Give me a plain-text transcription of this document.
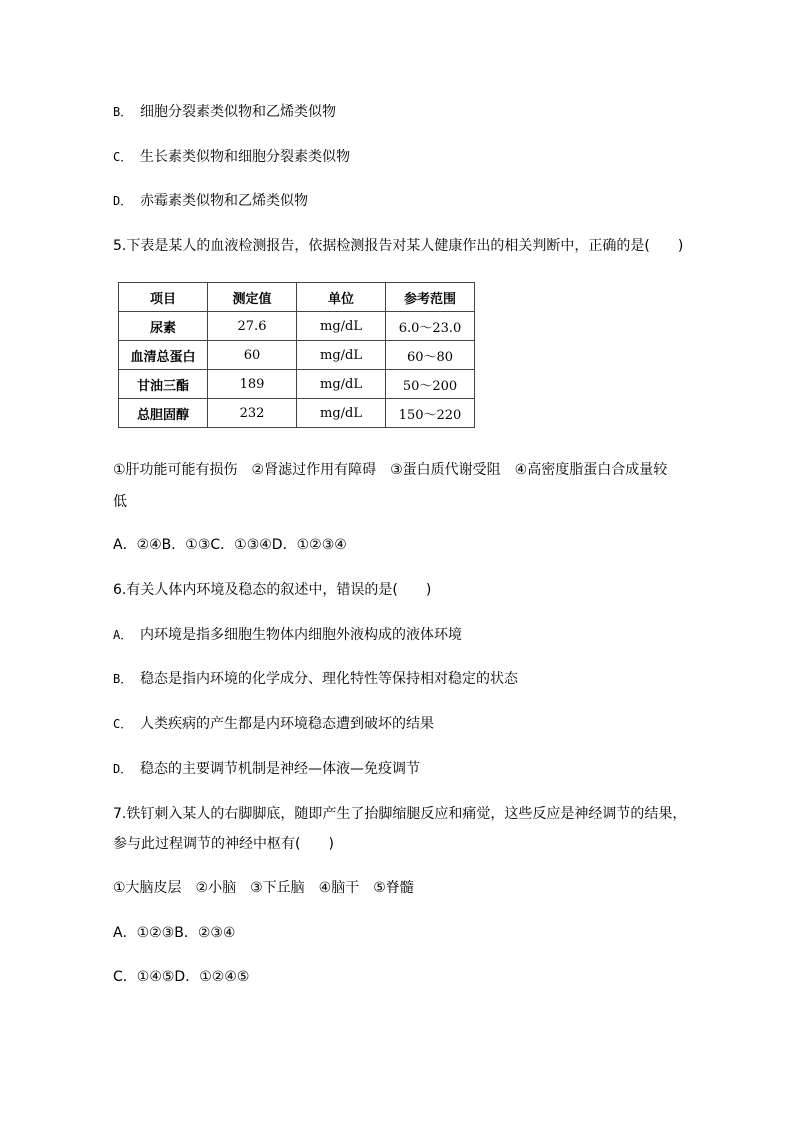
B． 细胞分裂素类似物和乙烯类似物
C． 生长素类似物和细胞分裂素类似物
D． 赤霉素类似物和乙烯类似物
5.下表是某人的血液检测报告，依据检测报告对某人健康作出的相关判断中，正确的是(　　)
项目	测定值	单位	参考范围
尿素	27.6	mg/dL	6.0～23.0
血清总蛋白	60	mg/dL	60～80
甘油三酯	189	mg/dL	50～200
总胆固醇	232	mg/dL	150～220
①肝功能可能有损伤　②肾滤过作用有障碍　③蛋白质代谢受阻　④高密度脂蛋白合成量较
低
A．②④B．①③C．①③④D．①②③④
6.有关人体内环境及稳态的叙述中，错误的是(　　)
A． 内环境是指多细胞生物体内细胞外液构成的液体环境
B． 稳态是指内环境的化学成分、理化特性等保持相对稳定的状态
C． 人类疾病的产生都是内环境稳态遭到破坏的结果
D． 稳态的主要调节机制是神经—体液—免疫调节
7.铁钉刺入某人的右脚脚底，随即产生了抬脚缩腿反应和痛觉，这些反应是神经调节的结果，
参与此过程调节的神经中枢有(　　)
①大脑皮层　②小脑　③下丘脑　④脑干　⑤脊髓
A．①②③B．②③④
C．①④⑤D．①②④⑤
